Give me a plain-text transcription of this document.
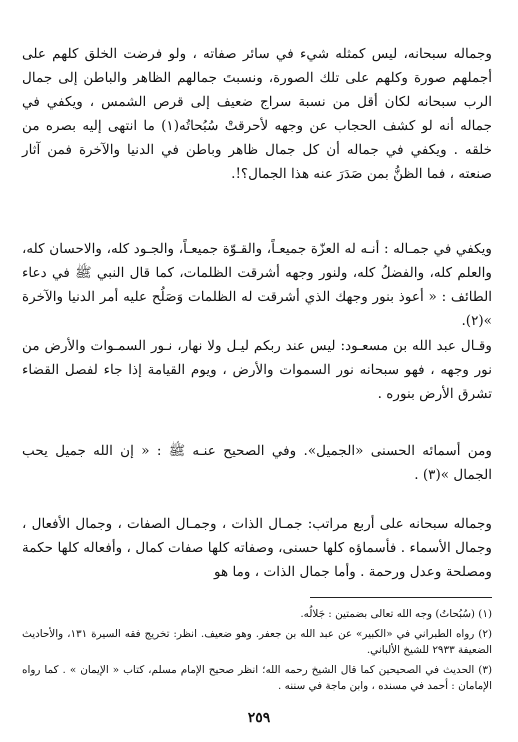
وجماله سبحانه، ليس كمثله شيء في سائر صفاته ، ولو فرضت الخلق كلهم على أجملهم صورة وكلهم على تلك الصورة، ونسبتَ جمالهم الظاهر والباطن إلى جمال الرب سبحانه لكان أقل من نسبة سراج ضعيف إلى قرص الشمس ، ويكفي في جماله أنه لو كشف الحجاب عن وجهه لأحرقتْ سُبُحاتُه(١) ما انتهى إليه بصره من خلقه . ويكفي في جماله أن كل جمال ظاهر وباطن في الدنيا والآخرة فمن آثار صنعته ، فما الظنُّ بمن صَدَرَ عنه هذا الجمال؟!.

ويكفي في جمـاله : أنـه له العزّة جميعـاً، والقـوّة جميعـاً، والجـود كله، والاحسان كله، والعلم كله، والفضلُ كله، ولنور وجهه أشرقت الظلمات، كما قال النبي ﷺ في دعاء الطائف : « أعوذ بنور وجهك الذي أشرقت له الظلمات وَصَلُح عليه أمر الدنيا والآخرة »(٢).

وقـال عبد الله بن مسعـود: ليس عند ربكم ليـل ولا نهار، نـور السمـوات والأرض من نور وجهه ، فهو سبحانه نور السموات والأرض ، ويوم القيامة إذا جاء لفصل القضاء تشرق الأرض بنوره .

ومن أسمائه الحسنى «الجميل». وفي الصحيح عنـه ﷺ : « إن الله جميل يحب الجمال »(٣) .

وجماله سبحانه على أربع مراتب: جمـال الذات ، وجمـال الصفات ، وجمال الأفعال ، وجمال الأسماء . فأسماؤه كلها حسنى، وصفاته كلها صفات كمال ، وأفعاله كلها حكمة ومصلحة وعدل ورحمة . وأما جمال الذات ، وما هو

(١) (سُبُحاتُ) وجه الله تعالى بضمتين : جَلالُه.

(٢) رواه الطبراني في «الكبير» عن عبد الله بن جعفر. وهو ضعيف. انظر: تخريج فقه السيرة ١٣١، والأحاديث الضعيفة ٢٩٣٣ للشيخ الألباني.

(٣) الحديث في الصحيحين كما قال الشيخ رحمه الله؛ انظر صحيح الإمام مسلم، كتاب « الإيمان » . كما رواه الإمامان : أحمد في مسنده ، وابن ماجة في سننه .

٢٥٩
